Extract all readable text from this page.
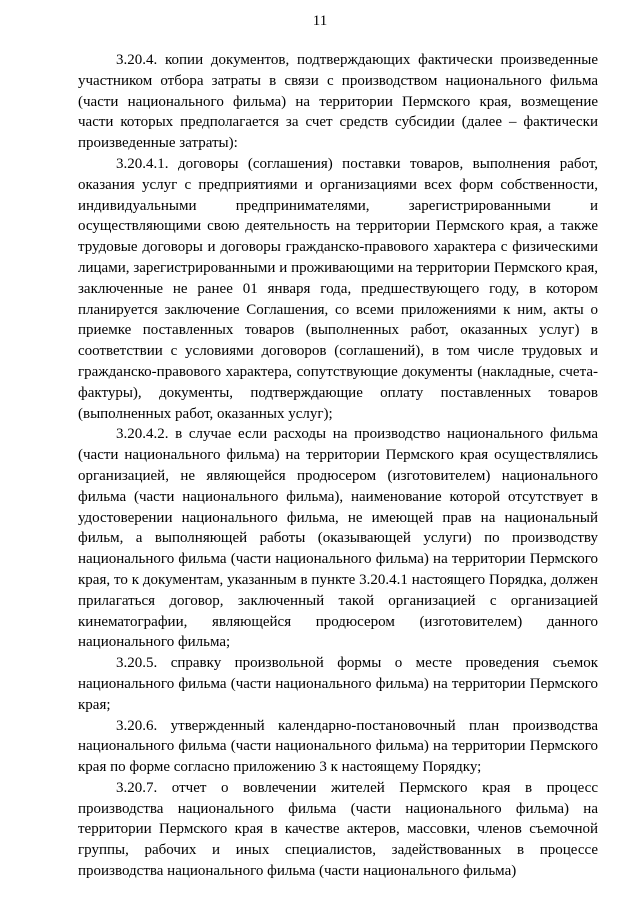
11

3.20.4. копии документов, подтверждающих фактически произведенные участником отбора затраты в связи с производством национального фильма (части национального фильма) на территории Пермского края, возмещение части которых предполагается за счет средств субсидии (далее – фактически произведенные затраты):

3.20.4.1. договоры (соглашения) поставки товаров, выполнения работ, оказания услуг с предприятиями и организациями всех форм собственности, индивидуальными предпринимателями, зарегистрированными и осуществляющими свою деятельность на территории Пермского края, а также трудовые договоры и договоры гражданско-правового характера с физическими лицами, зарегистрированными и проживающими на территории Пермского края, заключенные не ранее 01 января года, предшествующего году, в котором планируется заключение Соглашения, со всеми приложениями к ним, акты о приемке поставленных товаров (выполненных работ, оказанных услуг) в соответствии с условиями договоров (соглашений), в том числе трудовых и гражданско-правового характера, сопутствующие документы (накладные, счета-фактуры), документы, подтверждающие оплату поставленных товаров (выполненных работ, оказанных услуг);

3.20.4.2. в случае если расходы на производство национального фильма (части национального фильма) на территории Пермского края осуществлялись организацией, не являющейся продюсером (изготовителем) национального фильма (части национального фильма), наименование которой отсутствует в удостоверении национального фильма, не имеющей прав на национальный фильм, а выполняющей работы (оказывающей услуги) по производству национального фильма (части национального фильма) на территории Пермского края, то к документам, указанным в пункте 3.20.4.1 настоящего Порядка, должен прилагаться договор, заключенный такой организацией с организацией кинематографии, являющейся продюсером (изготовителем) данного национального фильма;

3.20.5. справку произвольной формы о месте проведения съемок национального фильма (части национального фильма) на территории Пермского края;

3.20.6. утвержденный календарно-постановочный план производства национального фильма (части национального фильма) на территории Пермского края по форме согласно приложению 3 к настоящему Порядку;

3.20.7. отчет о вовлечении жителей Пермского края в процесс производства национального фильма (части национального фильма) на территории Пермского края в качестве актеров, массовки, членов съемочной группы, рабочих и иных специалистов, задействованных в процессе производства национального фильма (части национального фильма)
